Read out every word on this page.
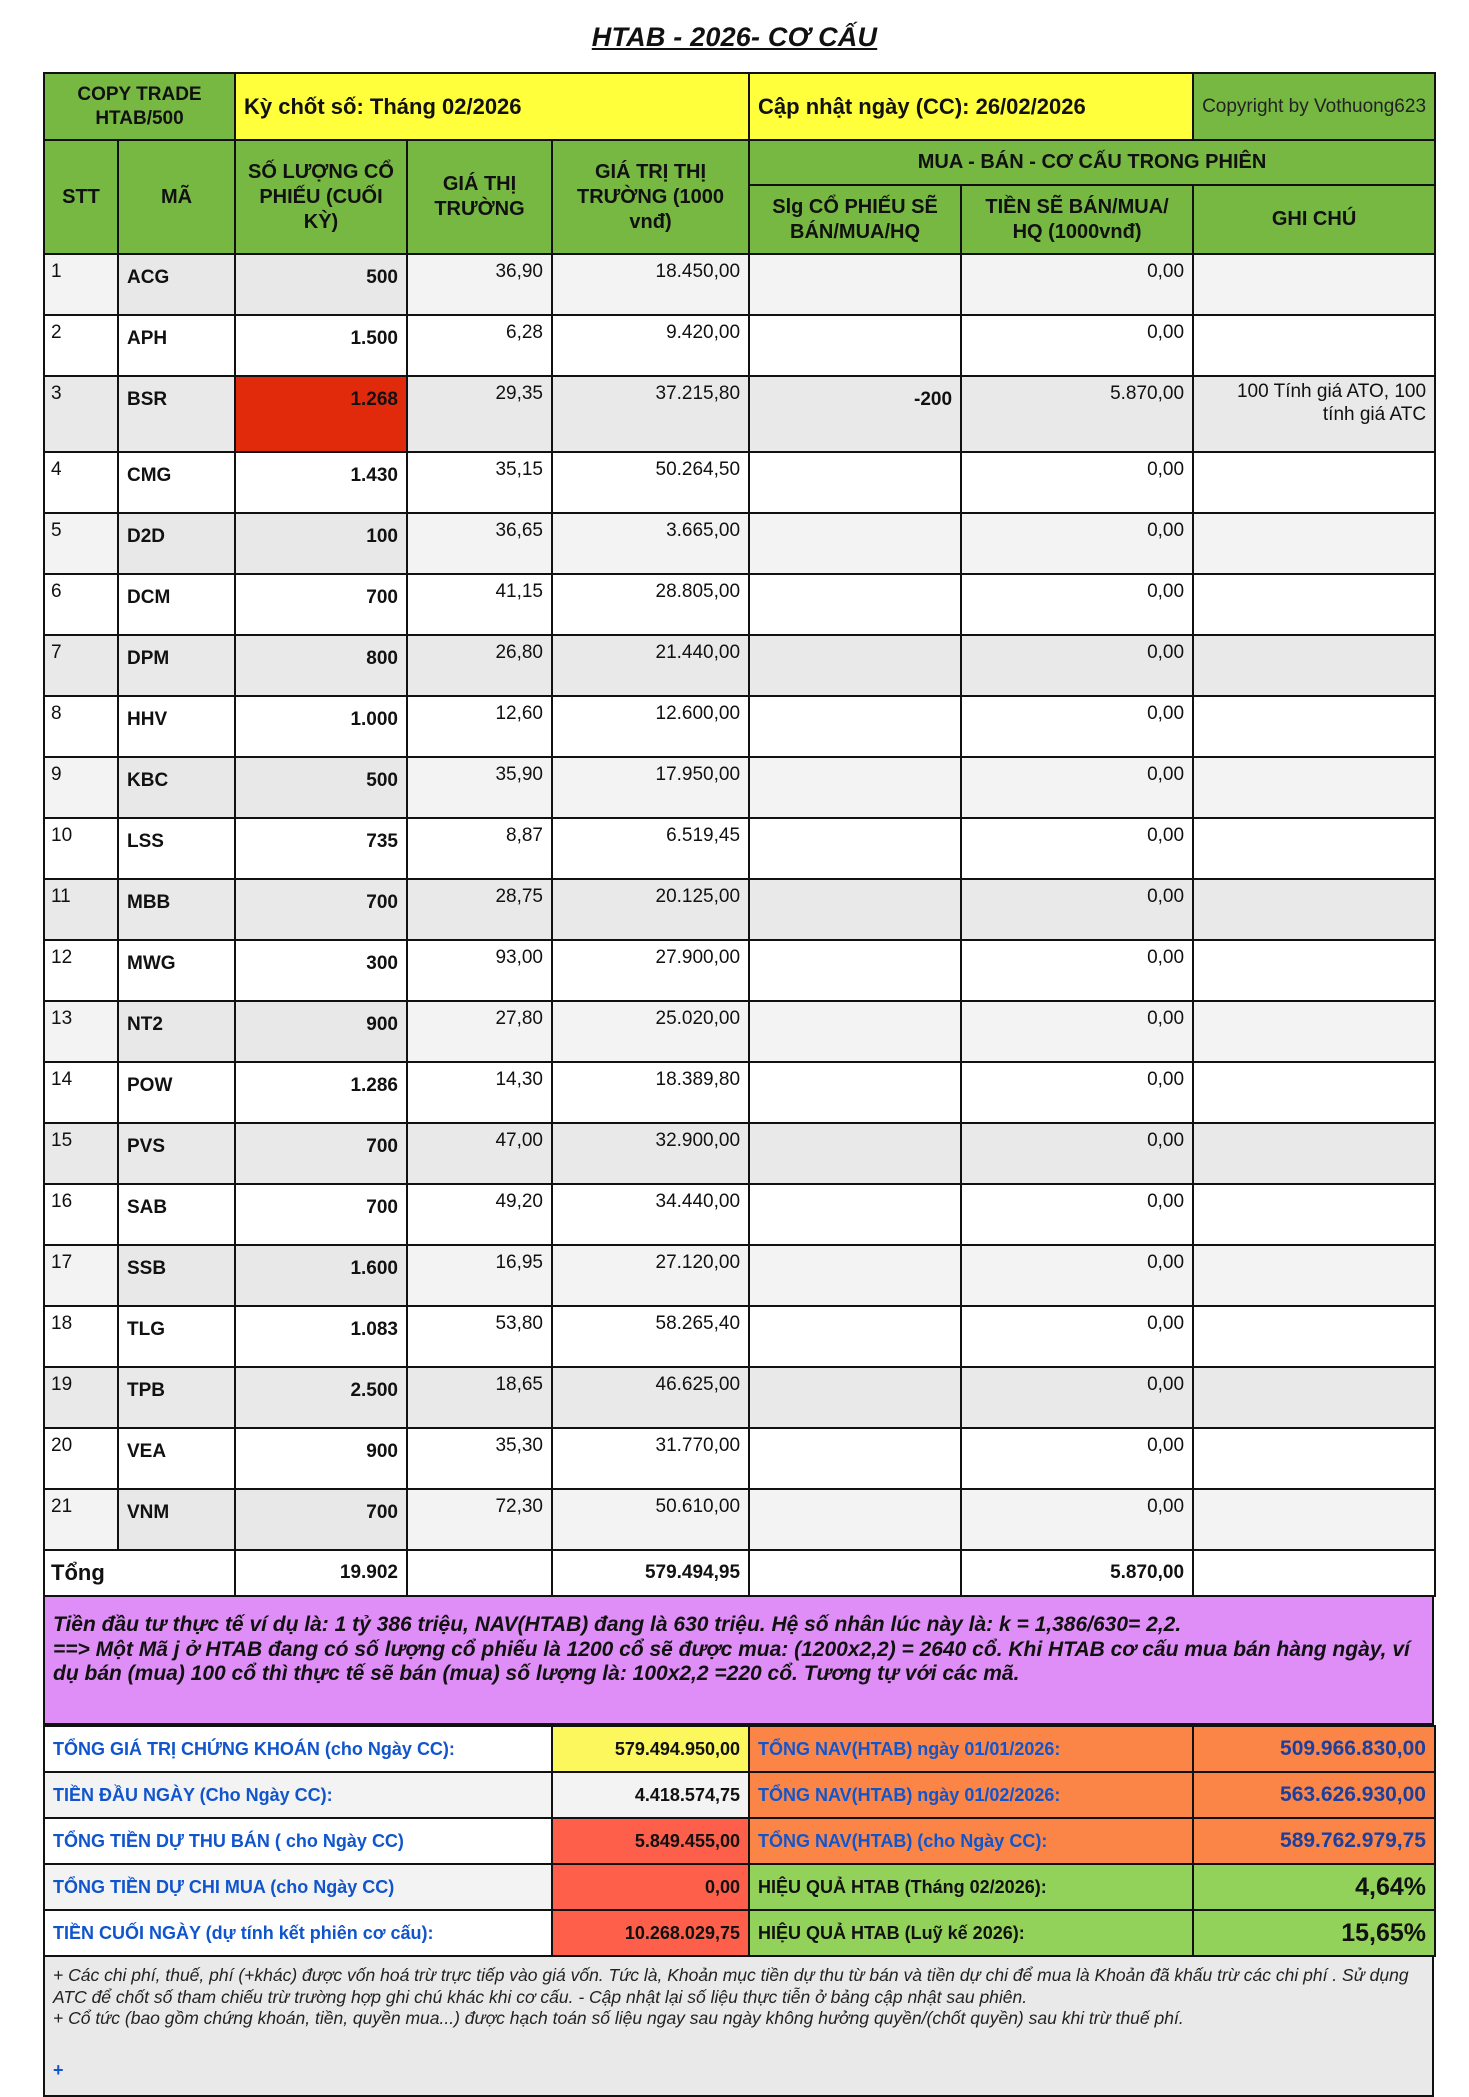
HTAB - 2026- CƠ CẤU
COPY TRADE HTAB/500		Kỳ chốt số: Tháng 02/2026			Cập nhật ngày (CC): 26/02/2026		Copyright by Vothuong623
STT	MÃ	SỐ LƯỢNG CỔ PHIẾU (CUỐI KỲ)	GIÁ THỊ TRƯỜNG	GIÁ TRỊ THỊ TRƯỜNG (1000 vnđ)	MUA - BÁN - CƠ CẤU TRONG PHIÊN		
					Slg CỔ PHIẾU SẼ BÁN/MUA/HQ	TIỀN SẼ BÁN/MUA/ HQ (1000vnđ)	GHI CHÚ
1	ACG	500	36,90	18.450,00		0,00	
2	APH	1.500	6,28	9.420,00		0,00	
3	BSR	1.268	29,35	37.215,80	-200	5.870,00	100 Tính giá ATO, 100 tính giá ATC
4	CMG	1.430	35,15	50.264,50		0,00	
5	D2D	100	36,65	3.665,00		0,00	
6	DCM	700	41,15	28.805,00		0,00	
7	DPM	800	26,80	21.440,00		0,00	
8	HHV	1.000	12,60	12.600,00		0,00	
9	KBC	500	35,90	17.950,00		0,00	
10	LSS	735	8,87	6.519,45		0,00	
11	MBB	700	28,75	20.125,00		0,00	
12	MWG	300	93,00	27.900,00		0,00	
13	NT2	900	27,80	25.020,00		0,00	
14	POW	1.286	14,30	18.389,80		0,00	
15	PVS	700	47,00	32.900,00		0,00	
16	SAB	700	49,20	34.440,00		0,00	
17	SSB	1.600	16,95	27.120,00		0,00	
18	TLG	1.083	53,80	58.265,40		0,00	
19	TPB	2.500	18,65	46.625,00		0,00	
20	VEA	900	35,30	31.770,00		0,00	
21	VNM	700	72,30	50.610,00		0,00	
Tổng		19.902		579.494,95		5.870,00	
Tiền đầu tư thực tế ví dụ là: 1 tỷ 386 triệu, NAV(HTAB) đang là 630 triệu. Hệ số nhân lúc này là: k = 1,386/630= 2,2.
==> Một Mã j ở HTAB đang có số lượng cổ phiếu là 1200 cổ sẽ được mua: (1200x2,2) = 2640 cổ. Khi HTAB cơ cấu mua bán hàng ngày, ví dụ bán (mua) 100 cổ thì thực tế sẽ bán (mua) số lượng là: 100x2,2 =220 cổ. Tương tự với các mã.
TỔNG GIÁ TRỊ CHỨNG KHOÁN (cho Ngày CC):	579.494.950,00	TỔNG NAV(HTAB) ngày 01/01/2026:	509.966.830,00
TIỀN ĐẦU NGÀY (Cho Ngày CC):	4.418.574,75	TỔNG NAV(HTAB) ngày 01/02/2026:	563.626.930,00
TỔNG TIỀN DỰ THU BÁN ( cho Ngày CC)	5.849.455,00	TỔNG NAV(HTAB) (cho Ngày CC):	589.762.979,75
TỔNG TIỀN DỰ CHI MUA (cho Ngày CC)	0,00	HIỆU QUẢ HTAB (Tháng 02/2026):	4,64%
TIỀN CUỐI NGÀY (dự tính kết phiên cơ cấu):	10.268.029,75	HIỆU QUẢ HTAB (Luỹ kế 2026):	15,65%
+ Các chi phí, thuế, phí (+khác) được vốn hoá trừ trực tiếp vào giá vốn. Tức là, Khoản mục tiền dự thu từ bán và tiền dự chi để mua là Khoản đã khấu trừ các chi phí . Sử dụng ATC để chốt số tham chiếu trừ trường hợp ghi chú khác khi cơ cấu. - Cập nhật lại số liệu thực tiễn ở bảng cập nhật sau phiên.
+ Cổ tức (bao gồm chứng khoán, tiền, quyền mua...) được hạch toán số liệu ngay sau ngày không hưởng quyền/(chốt quyền) sau khi trừ thuế phí.
+
